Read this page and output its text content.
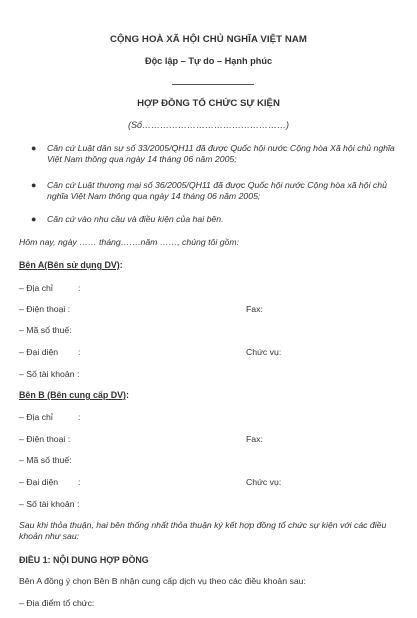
CỘNG HOÀ XÃ HỘI CHỦ NGHĨA VIỆT NAM
Độc lập – Tự do – Hạnh phúc
HỢP ĐỒNG TỔ CHỨC SỰ KIỆN
(Số…………………………………………)
●	Căn cứ Luật dân sự số 33/2005/QH11 đã được Quốc hội nước Cộng hòa Xã hội chủ nghĩa Việt Nam thông qua ngày 14 tháng 06 năm 2005;
●	Căn cứ Luật thương mại số 36/2005/QH11 đã được Quốc hội nước Cộng hòa xã hội chủ nghĩa Việt Nam thông qua ngày 14 tháng 06 năm 2005;
●	Căn cứ vào nhu cầu và điều kiện của hai bên.
Hôm nay, ngày …… tháng…….năm ……, chúng tôi gồm:
Bên A(Bên sử dụng DV):
– Địa chỉ	:
– Điện thoại :	Fax:
– Mã số thuế:
– Đại diện :	Chức vụ:
– Số tài khoản :
Bên B (Bên cung cấp DV):
– Địa chỉ	:
– Điện thoại :	Fax:
– Mã số thuế:
– Đại diện :	Chức vụ:
– Số tài khoản :
Sau khi thỏa thuận, hai bên thống nhất thỏa thuận ký kết hợp đồng tổ chức sự kiện với các điều khoản như sau:
ĐIỀU 1: NỘI DUNG HỢP ĐỒNG
Bên A đồng ý chọn Bên B nhận cung cấp dịch vụ theo các điều khoản sau:
– Địa điểm tổ chức:
